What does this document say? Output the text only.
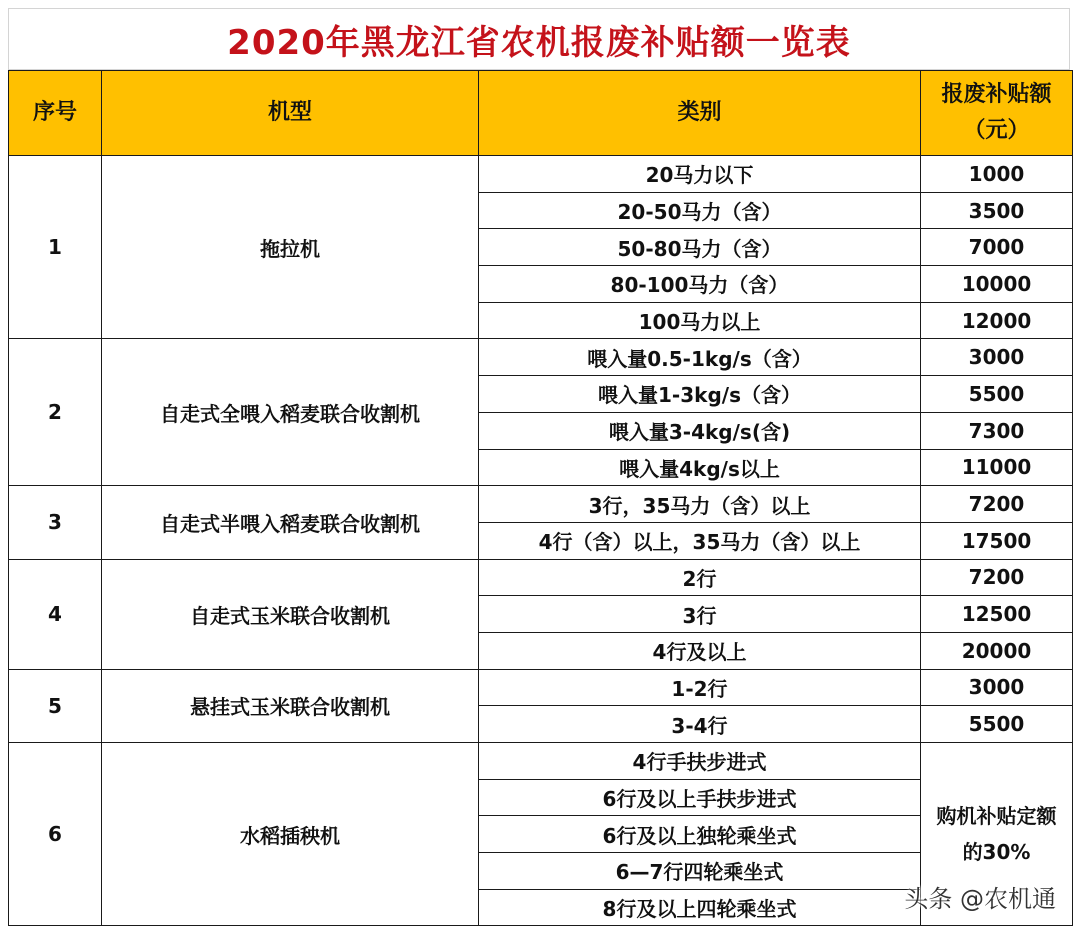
2020年黑龙江省农机报废补贴额一览表
序号	机型	类别	报废补贴额
（元）

1	拖拉机	20马力以下	1000
		20-50马力（含）	3500
		50-80马力（含）	7000
		80-100马力（含）	10000
		100马力以上	12000
2	自走式全喂入稻麦联合收割机	喂入量0.5-1kg/s（含）	3000
		喂入量1-3kg/s（含）	5500
		喂入量3-4kg/s(含)	7300
		喂入量4kg/s以上	11000
3	自走式半喂入稻麦联合收割机	3行，35马力（含）以上	7200
		4行（含）以上，35马力（含）以上	17500
4	自走式玉米联合收割机	2行	7200
		3行	12500
		4行及以上	20000
5	悬挂式玉米联合收割机	1-2行	3000
		3-4行	5500
6	水稻插秧机	4行手扶步进式	购机补贴定额
的30%

		6行及以上手扶步进式	
		6行及以上独轮乘坐式	
		6—7行四轮乘坐式	
		8行及以上四轮乘坐式		头条 @农机通
